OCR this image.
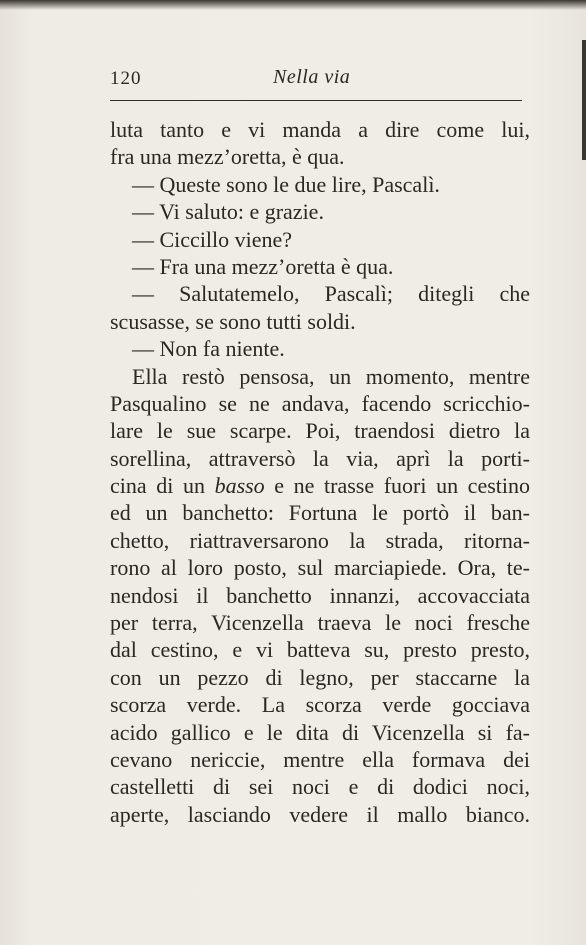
120	Nella via
luta tanto e vi manda a dire come lui,
fra una mezz’oretta, è qua.
— Queste sono le due lire, Pascalì.
— Vi saluto: e grazie.
— Ciccillo viene?
— Fra una mezz’oretta è qua.
— Salutatemelo, Pascalì; ditegli che
scusasse, se sono tutti soldi.
— Non fa niente.
Ella restò pensosa, un momento, mentre
Pasqualino se ne andava, facendo scricchio-
lare le sue scarpe. Poi, traendosi dietro la
sorellina, attraversò la via, aprì la porti-
cina di un basso e ne trasse fuori un cestino
ed un banchetto: Fortuna le portò il ban-
chetto, riattraversarono la strada, ritorna-
rono al loro posto, sul marciapiede. Ora, te-
nendosi il banchetto innanzi, accovacciata
per terra, Vicenzella traeva le noci fresche
dal cestino, e vi batteva su, presto presto,
con un pezzo di legno, per staccarne la
scorza verde. La scorza verde gocciava
acido gallico e le dita di Vicenzella si fa-
cevano nericcie, mentre ella formava dei
castelletti di sei noci e di dodici noci,
aperte, lasciando vedere il mallo bianco.
